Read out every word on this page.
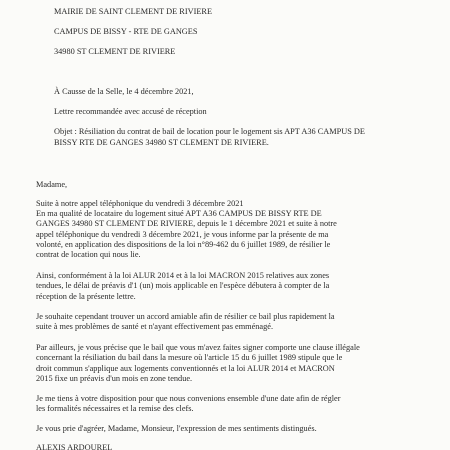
MAIRIE DE SAINT CLEMENT DE RIVIERE

CAMPUS DE BISSY - RTE DE GANGES

34980 ST CLEMENT DE RIVIERE

À Causse de la Selle, le 4 décembre 2021,

Lettre recommandée avec accusé de réception

Objet : Résiliation du contrat de bail de location pour le logement sis APT A36 CAMPUS DE

BISSY RTE DE GANGES 34980 ST CLEMENT DE RIVIERE.

Madame,

Suite à notre appel téléphonique du vendredi 3 décembre 2021

En ma qualité de locataire du logement situé APT A36 CAMPUS DE BISSY RTE DE
GANGES 34980 ST CLEMENT DE RIVIERE, depuis le 1 décembre 2021 et suite à notre
appel téléphonique du vendredi 3 décembre 2021, je vous informe par la présente de ma
volonté, en application des dispositions de la loi n°89-462 du 6 juillet 1989, de résilier le
contrat de location qui nous lie.
Ainsi, conformément à la loi ALUR 2014 et à la loi MACRON 2015 relatives aux zones
tendues, le délai de préavis d'1 (un) mois applicable en l'espèce débutera à compter de la
réception de la présente lettre.
Je souhaite cependant trouver un accord amiable afin de résilier ce bail plus rapidement la
suite à mes problèmes de santé et n'ayant effectivement pas emménagé.
Par ailleurs, je vous précise que le bail que vous m'avez faites signer comporte une clause illégale
concernant la résiliation du bail dans la mesure où l'article 15 du 6 juillet 1989 stipule que le
droit commun s'applique aux logements conventionnés et la loi ALUR 2014 et MACRON
2015 fixe un préavis d'un mois en zone tendue.
Je me tiens à votre disposition pour que nous convenions ensemble d'une date afin de régler
les formalités nécessaires et la remise des clefs.

Je vous prie d'agréer, Madame, Monsieur, l'expression de mes sentiments distingués.

ALEXIS ARDOUREL
